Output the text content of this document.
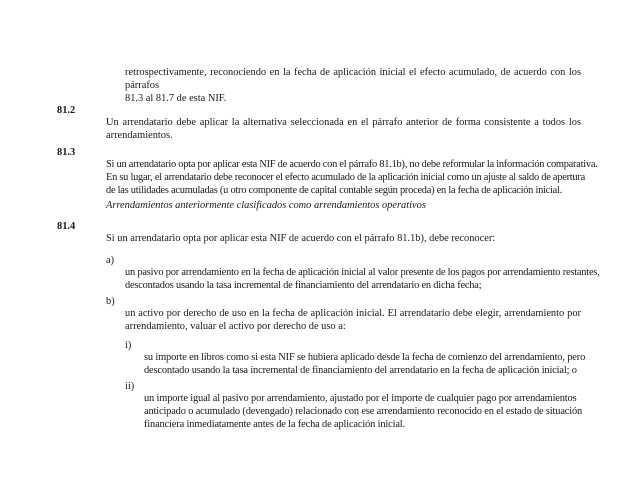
retrospectivamente, reconociendo en la fecha de aplicación inicial el efecto acumulado, de acuerdo con los párrafos
81.3 al 81.7 de esta NIF.
81.2
Un arrendatario debe aplicar la alternativa seleccionada en el párrafo anterior de forma consistente a todos los
arrendamientos.
81.3
Si un arrendatario opta por aplicar esta NIF de acuerdo con el párrafo 81.1b), no debe reformular la información comparativa.
En su lugar, el arrendatario debe reconocer el efecto acumulado de la aplicación inicial como un ajuste al saldo de apertura
de las utilidades acumuladas (u otro componente de capital contable según proceda) en la fecha de aplicación inicial.
Arrendamientos anteriormente clasificados como arrendamientos operativos
81.4
Si un arrendatario opta por aplicar esta NIF de acuerdo con el párrafo 81.1b), debe reconocer:
a)
un pasivo por arrendamiento en la fecha de aplicación inicial al valor presente de los pagos por arrendamiento restantes,
descontados usando la tasa incremental de financiamiento del arrendatario en dicha fecha;
b)
un activo por derecho de uso en la fecha de aplicación inicial. El arrendatario debe elegir, arrendamiento por
arrendamiento, valuar el activo por derecho de uso a:
i)
su importe en libros como si esta NIF se hubiera aplicado desde la fecha de comienzo del arrendamiento, pero
descontado usando la tasa incremental de financiamiento del arrendatario en la fecha de aplicación inicial; o
ii)
un importe igual al pasivo por arrendamiento, ajustado por el importe de cualquier pago por arrendamientos
anticipado o acumulado (devengado) relacionado con ese arrendamiento reconocido en el estado de situación
financiera inmediatamente antes de la fecha de aplicación inicial.
